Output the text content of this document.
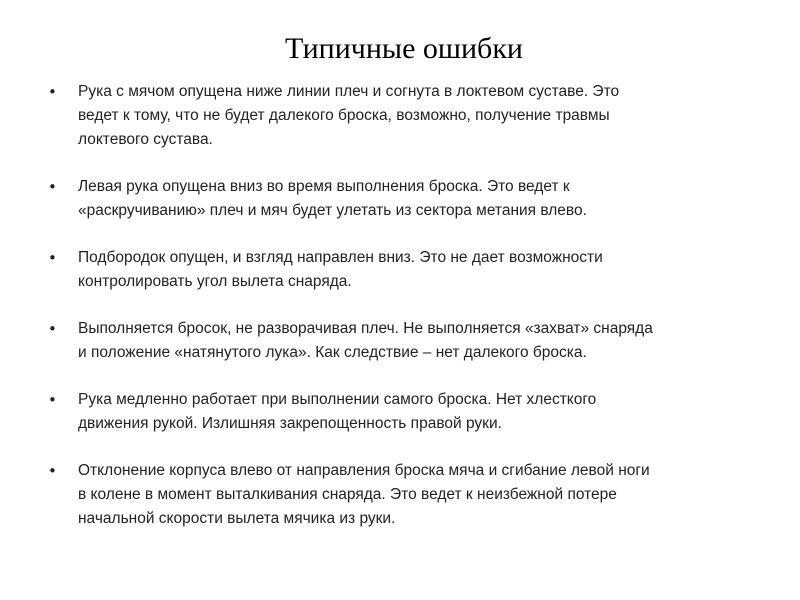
Типичные ошибки
• Рука с мячом опущена ниже линии плеч и согнута в локтевом суставе. Это
ведет к тому, что не будет далекого броска, возможно, получение травмы
локтевого сустава.
• Левая рука опущена вниз во время выполнения броска. Это ведет к
«раскручиванию» плеч и мяч будет улетать из сектора метания влево.
• Подбородок опущен, и взгляд направлен вниз. Это не дает возможности
контролировать угол вылета снаряда.
• Выполняется бросок, не разворачивая плеч. Не выполняется «захват» снаряда
и положение «натянутого лука». Как следствие – нет далекого броска.
• Рука медленно работает при выполнении самого броска. Нет хлесткого
движения рукой. Излишняя закрепощенность правой руки.
• Отклонение корпуса влево от направления броска мяча и сгибание левой ноги
в колене в момент выталкивания снаряда. Это ведет к неизбежной потере
начальной скорости вылета мячика из руки.
